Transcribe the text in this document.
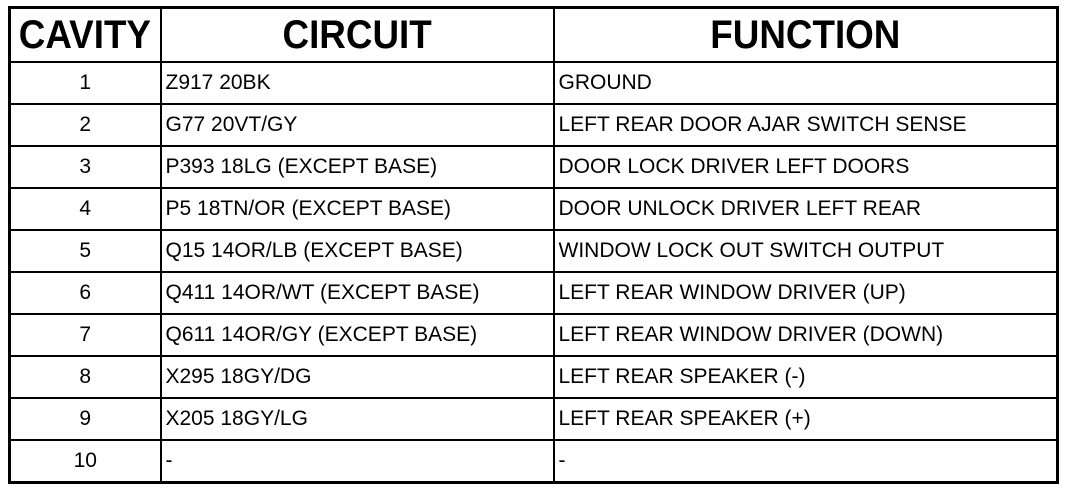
CAVITY	CIRCUIT	FUNCTION
1	Z917 20BK	GROUND
2	G77 20VT/GY	LEFT REAR DOOR AJAR SWITCH SENSE
3	P393 18LG (EXCEPT BASE)	DOOR LOCK DRIVER LEFT DOORS
4	P5 18TN/OR (EXCEPT BASE)	DOOR UNLOCK DRIVER LEFT REAR
5	Q15 14OR/LB (EXCEPT BASE)	WINDOW LOCK OUT SWITCH OUTPUT
6	Q411 14OR/WT (EXCEPT BASE)	LEFT REAR WINDOW DRIVER (UP)
7	Q611 14OR/GY (EXCEPT BASE)	LEFT REAR WINDOW DRIVER (DOWN)
8	X295 18GY/DG	LEFT REAR SPEAKER (-)
9	X205 18GY/LG	LEFT REAR SPEAKER (+)
10	-	-
